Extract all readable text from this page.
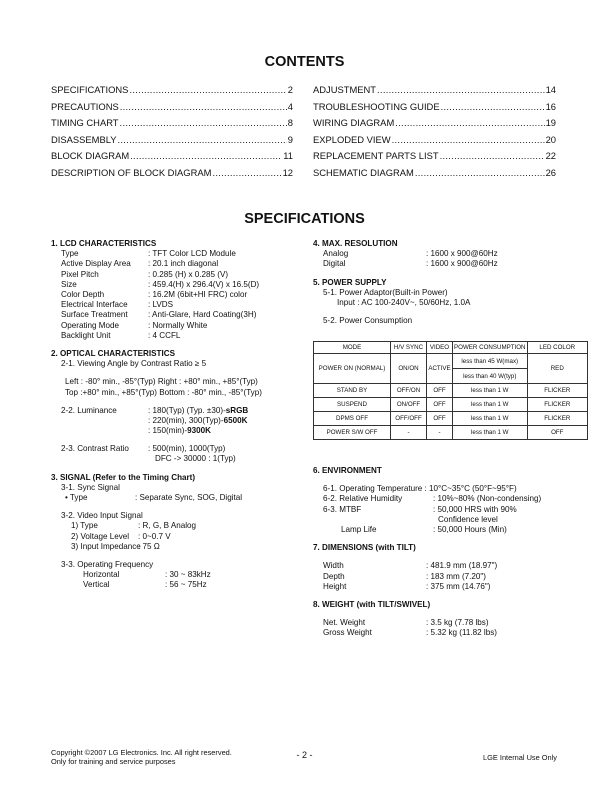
CONTENTS
SPECIFICATIONS .....	2
PRECAUTIONS .....	4
TIMING CHART .....	8
DISASSEMBLY .....	9
BLOCK DIAGRAM .....	11
DESCRIPTION OF BLOCK DIAGRAM .....	12
ADJUSTMENT .....	14
TROUBLESHOOTING GUIDE .....	16
WIRING DIAGRAM .....	19
EXPLODED VIEW .....	20
REPLACEMENT PARTS LIST .....	22
SCHEMATIC DIAGRAM .....	26
SPECIFICATIONS
1. LCD CHARACTERISTICS
Type	: TFT Color LCD Module
Active Display Area : 20.1 inch diagonal
Pixel Pitch	: 0.285 (H) x 0.285 (V)
Size	: 459.4(H) x 296.4(V) x 16.5(D)
Color Depth	: 16.2M (6bit+HI FRC) color
Electrical Interface	: LVDS
Surface Treatment	: Anti-Glare, Hard Coating(3H)
Operating Mode	: Normally White
Backlight Unit	: 4 CCFL
2. OPTICAL CHARACTERISTICS
2-1. Viewing Angle by Contrast Ratio ≥ 5
Left : -80° min., -85°(Typ) Right : +80° min., +85°(Typ)
Top :+80° min., +85°(Typ) Bottom : -80° min., -85°(Typ)
2-2. Luminance	: 180(Typ) (Typ. ±30)-sRGB
: 220(min), 300(Typ)-6500K
: 150(min)-9300K
2-3. Contrast Ratio : 500(min), 1000(Typ)
DFC -> 30000 : 1(Typ)
3. SIGNAL (Refer to the Timing Chart)
3-1. Sync Signal
• Type	: Separate Sync, SOG, Digital
3-2. Video Input Signal
1) Type	: R, G, B Analog
2) Voltage Level : 0~0.7 V
3) Input Impedance
: 75 Ω
3-3. Operating Frequency
Horizontal	: 30 ~ 83kHz
Vertical	: 56 ~ 75Hz
4. MAX. RESOLUTION
Analog	: 1600 x 900@60Hz
Digital	: 1600 x 900@60Hz
5. POWER SUPPLY
5-1. Power Adaptor(Built-in Power)
Input : AC 100-240V~, 50/60Hz, 1.0A
5-2. Power Consumption
MODE	H/V SYNC	VIDEO	POWER CONSUMPTION	LED COLOR
POWER ON (NORMAL)	ON/ON	ACTIVE	less than 45 W(max)	RED
			less than 40 W(typ)	
STAND BY	OFF/ON	OFF	less than 1 W	FLICKER
SUSPEND	ON/OFF	OFF	less than 1 W	FLICKER
DPMS OFF	OFF/OFF	OFF	less than 1 W	FLICKER
POWER S/W OFF	-	-	less than 1 W	OFF
6. ENVIRONMENT
6-1. Operating Temperature : 10°C~35°C (50°F~95°F)
6-2. Relative Humidity	: 10%~80% (Non-condensing)
6-3. MTBF	: 50,000 HRS with 90%
Confidence level
Lamp Life	: 50,000 Hours (Min)
7. DIMENSIONS (with TILT)
Width	: 481.9 mm (18.97")
Depth	: 183 mm (7.20")
Height	: 375 mm (14.76")
8. WEIGHT (with TILT/SWIVEL)
Net. Weight	: 3.5 kg (7.78 lbs)
Gross Weight	: 5.32 kg (11.82 lbs)
Copyright ©2007 LG Electronics. Inc. All right reserved.
Only for training and service purposes
- 2 -	LGE Internal Use Only
